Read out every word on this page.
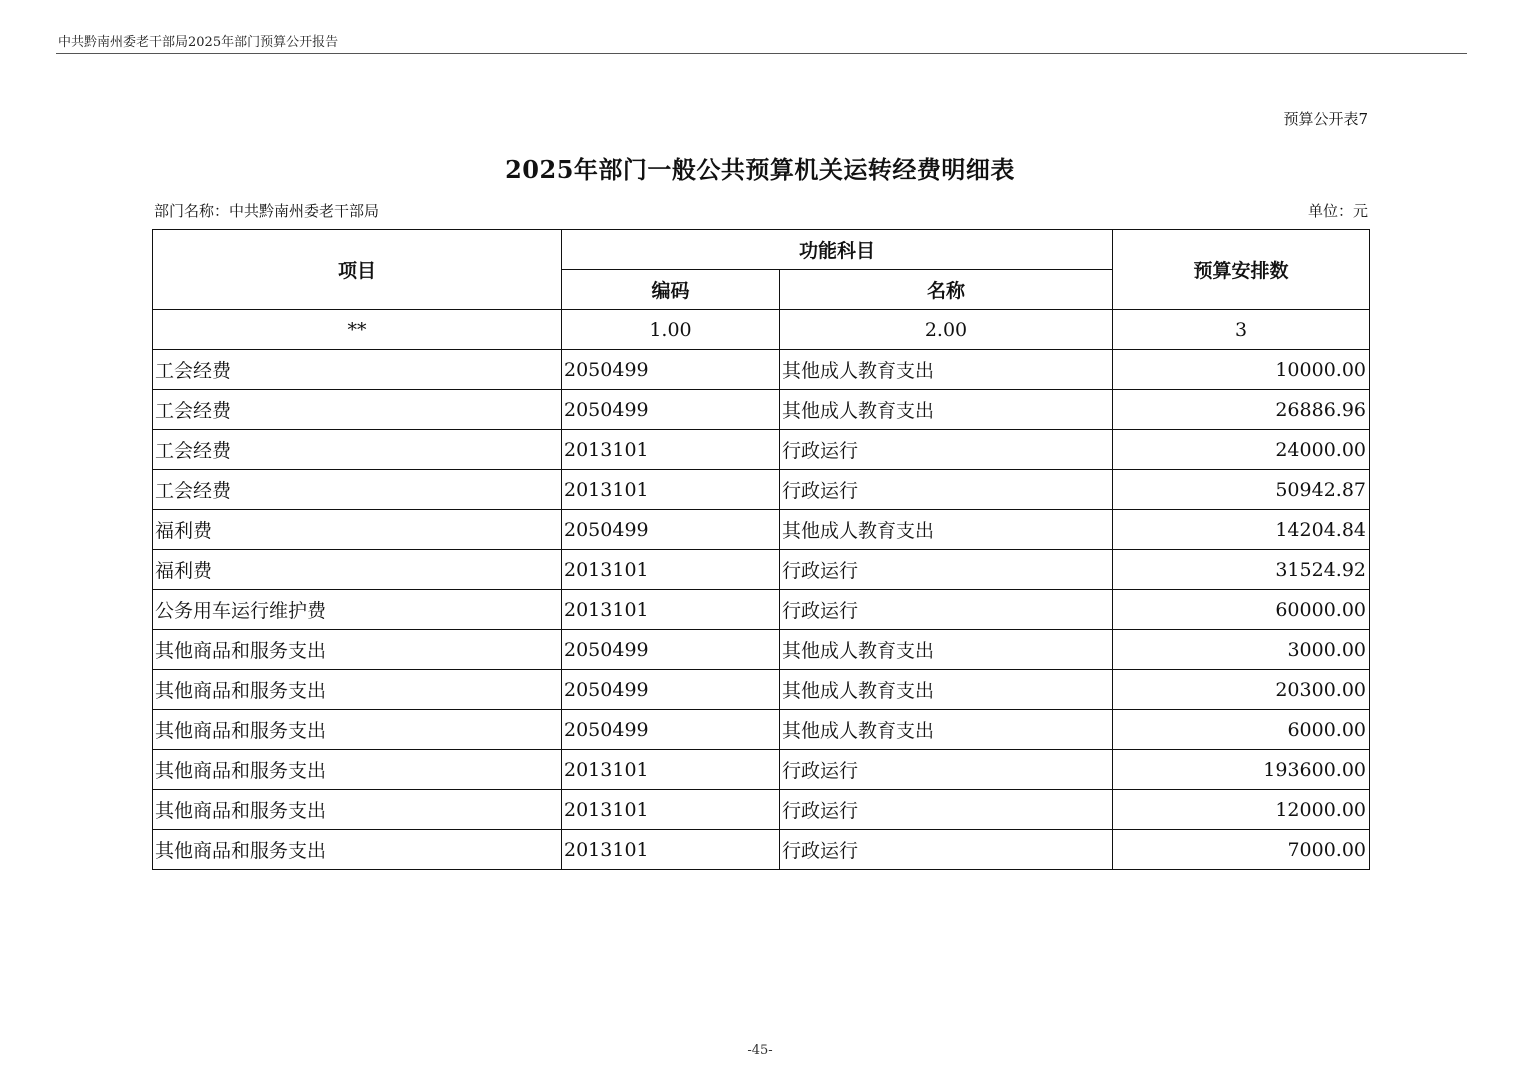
中共黔南州委老干部局2025年部门预算公开报告
预算公开表7
2025年部门一般公共预算机关运转经费明细表
部门名称：中共黔南州委老干部局	单位：元
项目	功能科目		预算安排数
	编码	名称	
**	1.00	2.00	3
工会经费	2050499	其他成人教育支出	10000.00
工会经费	2050499	其他成人教育支出	26886.96
工会经费	2013101	行政运行	24000.00
工会经费	2013101	行政运行	50942.87
福利费	2050499	其他成人教育支出	14204.84
福利费	2013101	行政运行	31524.92
公务用车运行维护费	2013101	行政运行	60000.00
其他商品和服务支出	2050499	其他成人教育支出	3000.00
其他商品和服务支出	2050499	其他成人教育支出	20300.00
其他商品和服务支出	2050499	其他成人教育支出	6000.00
其他商品和服务支出	2013101	行政运行	193600.00
其他商品和服务支出	2013101	行政运行	12000.00
其他商品和服务支出	2013101	行政运行	7000.00
-45-
